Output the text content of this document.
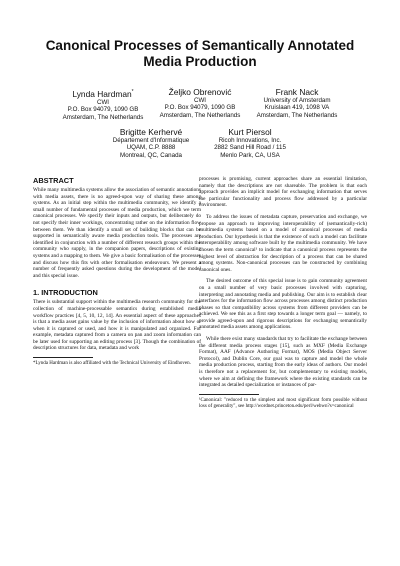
Canonical Processes of Semantically Annotated Media Production
Lynda Hardman*
CWI
P.O. Box 94079, 1090 GB
Amsterdam, The Netherlands
Željko Obrenović
CWI
P.O. Box 94079, 1090 GB
Amsterdam, The Netherlands
Frank Nack
University of Amsterdam
Kruislaan 419, 1098 VA
Amsterdam, The Netherlands
Brigitte Kerhervé
Département d'Informatique
UQAM, C.P. 8888
Montreal, QC, Canada
Kurt Piersol
Ricoh Innovations, Inc.
2882 Sand Hill Road / 115
Menlo Park, CA, USA
ABSTRACT

While many multimedia systems allow the association of semantic annotations with media assets, there is no agreed-upon way of sharing these among systems. As an initial step within the multimedia community, we identify a small number of fundamental processes of media production, which we term canonical processes. We specify their inputs and outputs, but deliberately do not specify their inner workings, concentrating rather on the information flow between them. We than identify a small set of building blocks that can be supported in semantically aware media production tools. The processes are identified in conjunction with a number of different research groups within the community who supply, in the companion papers, descriptions of existing systems and a mapping to them. We give a basic formalisation of the processes and discuss how this fits with other formalisation endeavours. We present a number of frequently asked questions during the development of the model and this special issue.

1. INTRODUCTION

There is substantial support within the multimedia research community for the collection of machine-processable semantics during established media workflow practices [4, 5, 10, 12, 14]. An essential aspect of these approaches is that a media asset gains value by the inclusion of information about how or when it is captured or used, and how it is manipulated and organized. For example, metadata captured from a camera on pan and zoom information can be later used for supporting an editing process [3]. Though the combination of description structures for data, metadata and work

*Lynda Hardman is also affiliated with the Technical University of Eindhoven.

processes is promising, current approaches share an essential limitation, namely that the descriptions are not shareable. The problem is that each approach provides an implicit model for exchanging information that serves the particular functionality and process flow addressed by a particular environment.

To address the issues of metadata capture, preservation and exchange, we propose an approach to improving interoperability of (semantically-rich) multimedia systems based on a model of canonical processes of media production. Our hypothesis is that the existence of such a model can facilitate interoperability among software built by the multimedia community. We have chosen the term canonical¹ to indicate that a canonical process represents the highest level of abstraction for description of a process that can be shared among systems. Non-canonical processes can be constructed by combining canonical ones.

The desired outcome of this special issue is to gain community agreement on a small number of very basic processes involved with capturing, interpreting and annotating media and publishing. Our aim is to establish clear interfaces for the information flow across processes among distinct production phases so that compatibility across systems from different providers can be achieved. We see this as a first step towards a longer term goal — namely, to provide agreed-upon and rigorous descriptions for exchanging semantically annotated media assets among applications.

While there exist many standards that try to facilitate the exchange between the different media process stages [15], such as MXF (Media Exchange Format), AAF (Advance Authoring Format), MOS (Media Object Server Protocol), and Dublin Core, our goal was to capture and model the whole media production process, starting from the early ideas of authors. Our model is therefore not a replacement for, but complementary to existing models, where we aim at defining the framework where the existing standards can be integrated as detailed specialization or instances of par-

¹Canonical: "reduced to the simplest and most significant form possible without loss of generality", see http://wordnet.princeton.edu/perl/webwn?s=canonical
